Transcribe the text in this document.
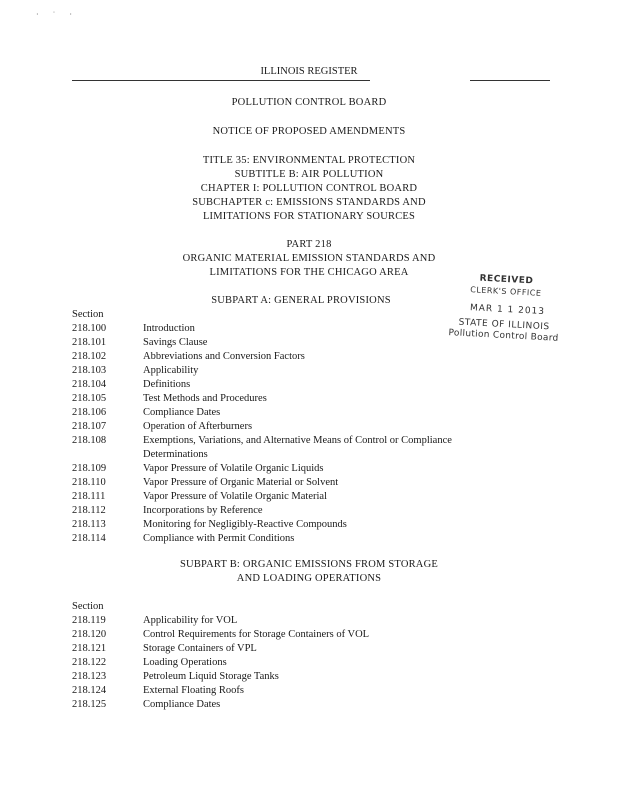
· ˙ ·
ILLINOIS REGISTER
POLLUTION CONTROL BOARD
NOTICE OF PROPOSED AMENDMENTS
TITLE 35: ENVIRONMENTAL PROTECTION
SUBTITLE B: AIR POLLUTION
CHAPTER I: POLLUTION CONTROL BOARD
SUBCHAPTER c: EMISSIONS STANDARDS AND
LIMITATIONS FOR STATIONARY SOURCES
PART 218
ORGANIC MATERIAL EMISSION STANDARDS AND
LIMITATIONS FOR THE CHICAGO AREA
RECEIVED
CLERK'S OFFICE
MAR 1 1 2013
STATE OF ILLINOIS
Pollution Control Board
SUBPART A: GENERAL PROVISIONS
Section
218.100	Introduction
218.101	Savings Clause
218.102	Abbreviations and Conversion Factors
218.103	Applicability
218.104	Definitions
218.105	Test Methods and Procedures
218.106	Compliance Dates
218.107	Operation of Afterburners
218.108	Exemptions, Variations, and Alternative Means of Control or Compliance
Determinations
218.109	Vapor Pressure of Volatile Organic Liquids
218.110	Vapor Pressure of Organic Material or Solvent
218.111	Vapor Pressure of Volatile Organic Material
218.112	Incorporations by Reference
218.113	Monitoring for Negligibly-Reactive Compounds
218.114	Compliance with Permit Conditions
SUBPART B: ORGANIC EMISSIONS FROM STORAGE
AND LOADING OPERATIONS
Section
218.119	Applicability for VOL
218.120	Control Requirements for Storage Containers of VOL
218.121	Storage Containers of VPL
218.122	Loading Operations
218.123	Petroleum Liquid Storage Tanks
218.124	External Floating Roofs
218.125	Compliance Dates
